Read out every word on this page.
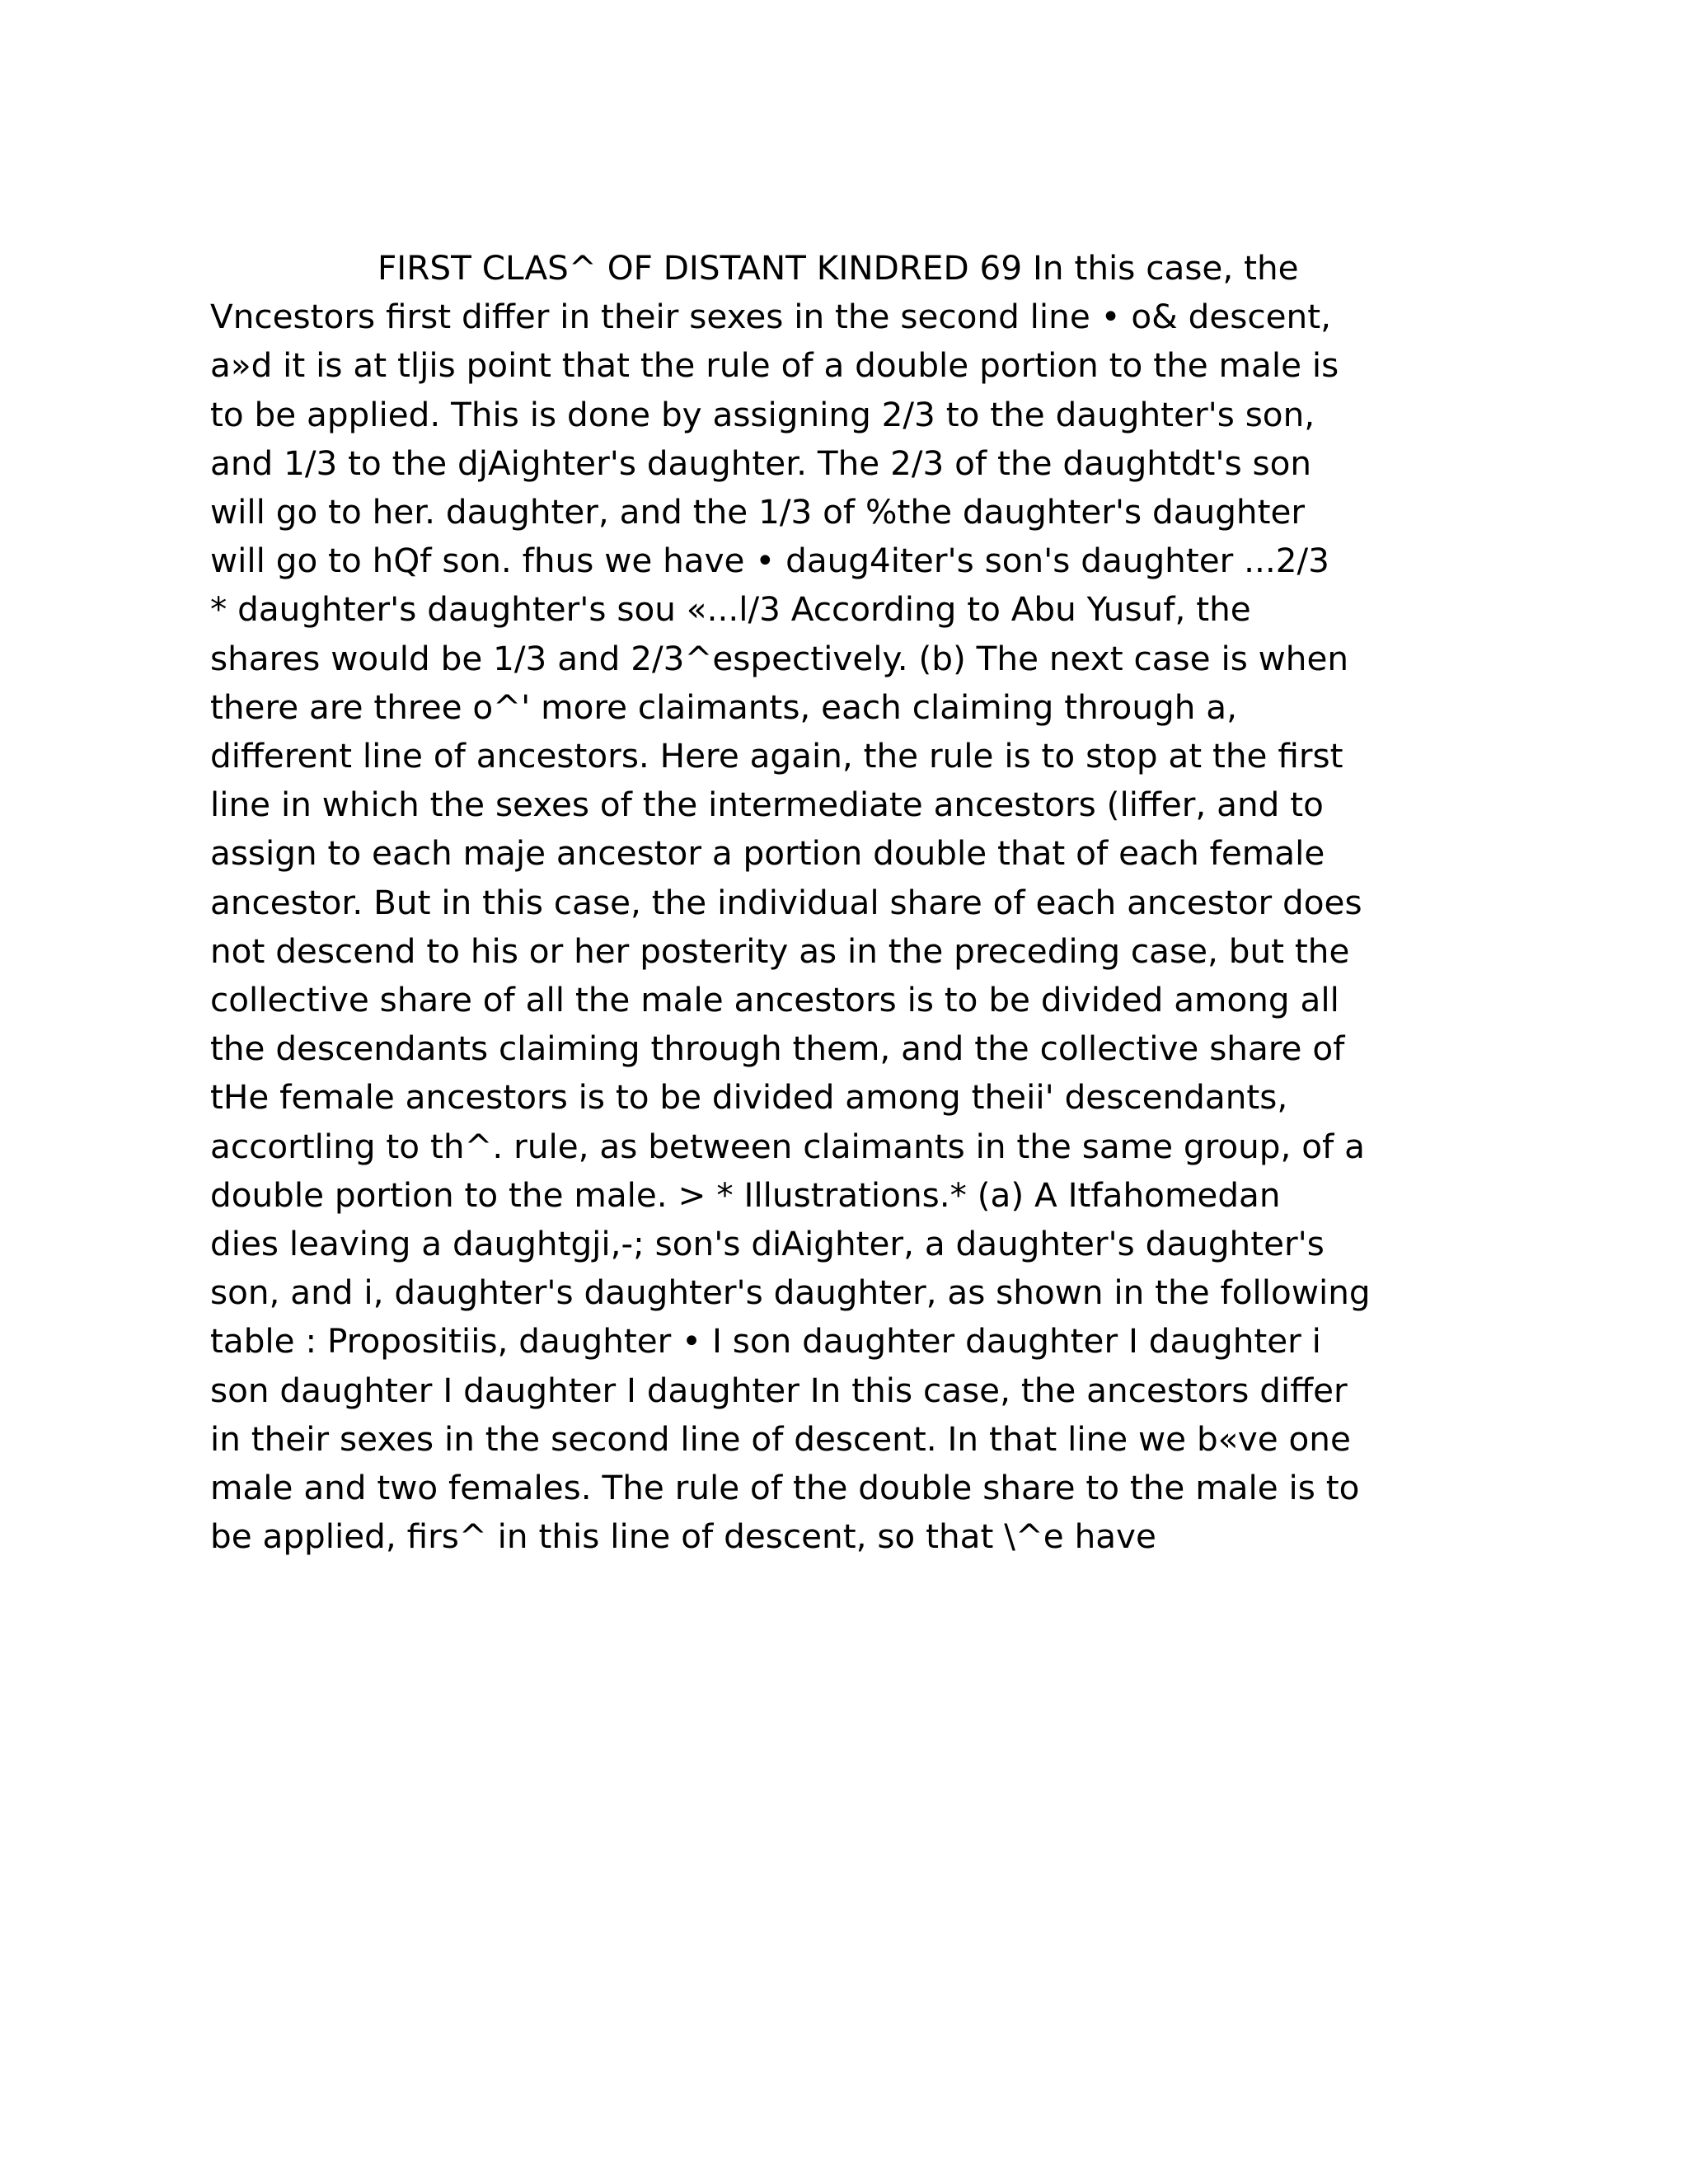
FIRST CLAS^ OF DISTANT KINDRED 69 In this case, the
Vncestors first differ in their sexes in the second line • o& descent,
a»d it is at tljis point that the rule of a double portion to the male is
to be applied. This is done by assigning 2/3 to the daughter's son,
and 1/3 to the djAighter's daughter. The 2/3 of the daughtdt's son
will go to her. daughter, and the 1/3 of %the daughter's daughter
will go to hQf son. fhus we have • daug4iter's son's daughter ...2/3
* daughter's daughter's sou «...l/3 According to Abu Yusuf, the
shares would be 1/3 and 2/3^espectively. (b) The next case is when
there are three o^' more claimants, each claiming through a,
different line of ancestors. Here again, the rule is to stop at the first
line in which the sexes of the intermediate ancestors (liffer, and to
assign to each maje ancestor a portion double that of each female
ancestor. But in this case, the individual share of each ancestor does
not descend to his or her posterity as in the preceding case, but the
collective share of all the male ancestors is to be divided among all
the descendants claiming through them, and the collective share of
tHe female ancestors is to be divided among theii' descendants,
accortling to th^. rule, as between claimants in the same group, of a
double portion to the male. > * Illustrations.* (a) A Itfahomedan
dies leaving a daughtgji,-; son's diAighter, a daughter's daughter's
son, and i, daughter's daughter's daughter, as shown in the following
table : Propositiis, daughter • I son daughter daughter I daughter i
son daughter I daughter I daughter In this case, the ancestors differ
in their sexes in the second line of descent. In that line we b«ve one
male and two females. The rule of the double share to the male is to
be applied, firs^ in this line of descent, so that \^e have
